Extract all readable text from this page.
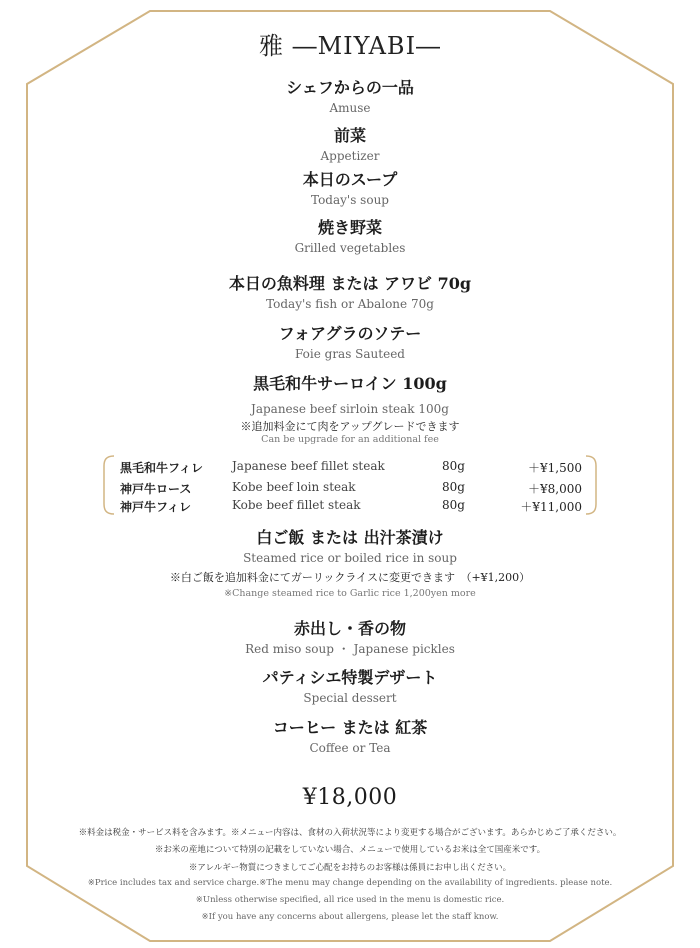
雅 ―MIYABI―
シェフからの一品
Amuse
前菜
Appetizer
本日のスープ
Today's soup
焼き野菜
Grilled vegetables
本日の魚料理 または アワビ 70g
Today's fish or Abalone 70g
フォアグラのソテー
Foie gras Sauteed
黒毛和牛サーロイン 100g
Japanese beef sirloin steak 100g
※追加料金にて肉をアップグレードできます
Can be upgrade for an additional fee
黒毛和牛フィレ Japanese beef fillet steak	80g	＋¥1,500
神戸牛ロース	Kobe beef loin steak	80g	＋¥8,000
神戸牛フィレ	Kobe beef fillet steak	80g	＋¥11,000
白ご飯 または 出汁茶漬け
Steamed rice or boiled rice in soup
※白ご飯を追加料金にてガーリックライスに変更できます　（+¥1,200）
※Change steamed rice to Garlic rice 1,200yen more
赤出し・香の物
Red miso soup ・ Japanese pickles
パティシエ特製デザート
Special dessert
コーヒー または 紅茶
Coffee or Tea
¥18,000
※料金は税金・サービス料を含みます。※メニュー内容は、食材の入荷状況等により変更する場合がございます。あらかじめご了承ください。
※お米の産地について特別の記載をしていない場合、メニューで使用しているお米は全て国産米です。
※アレルギー物質につきましてご心配をお持ちのお客様は係員にお申し出ください。
※Price includes tax and service charge.※The menu may change depending on the availability of ingredients. please note.
※Unless otherwise specified, all rice used in the menu is domestic rice.
※If you have any concerns about allergens, please let the staff know.
